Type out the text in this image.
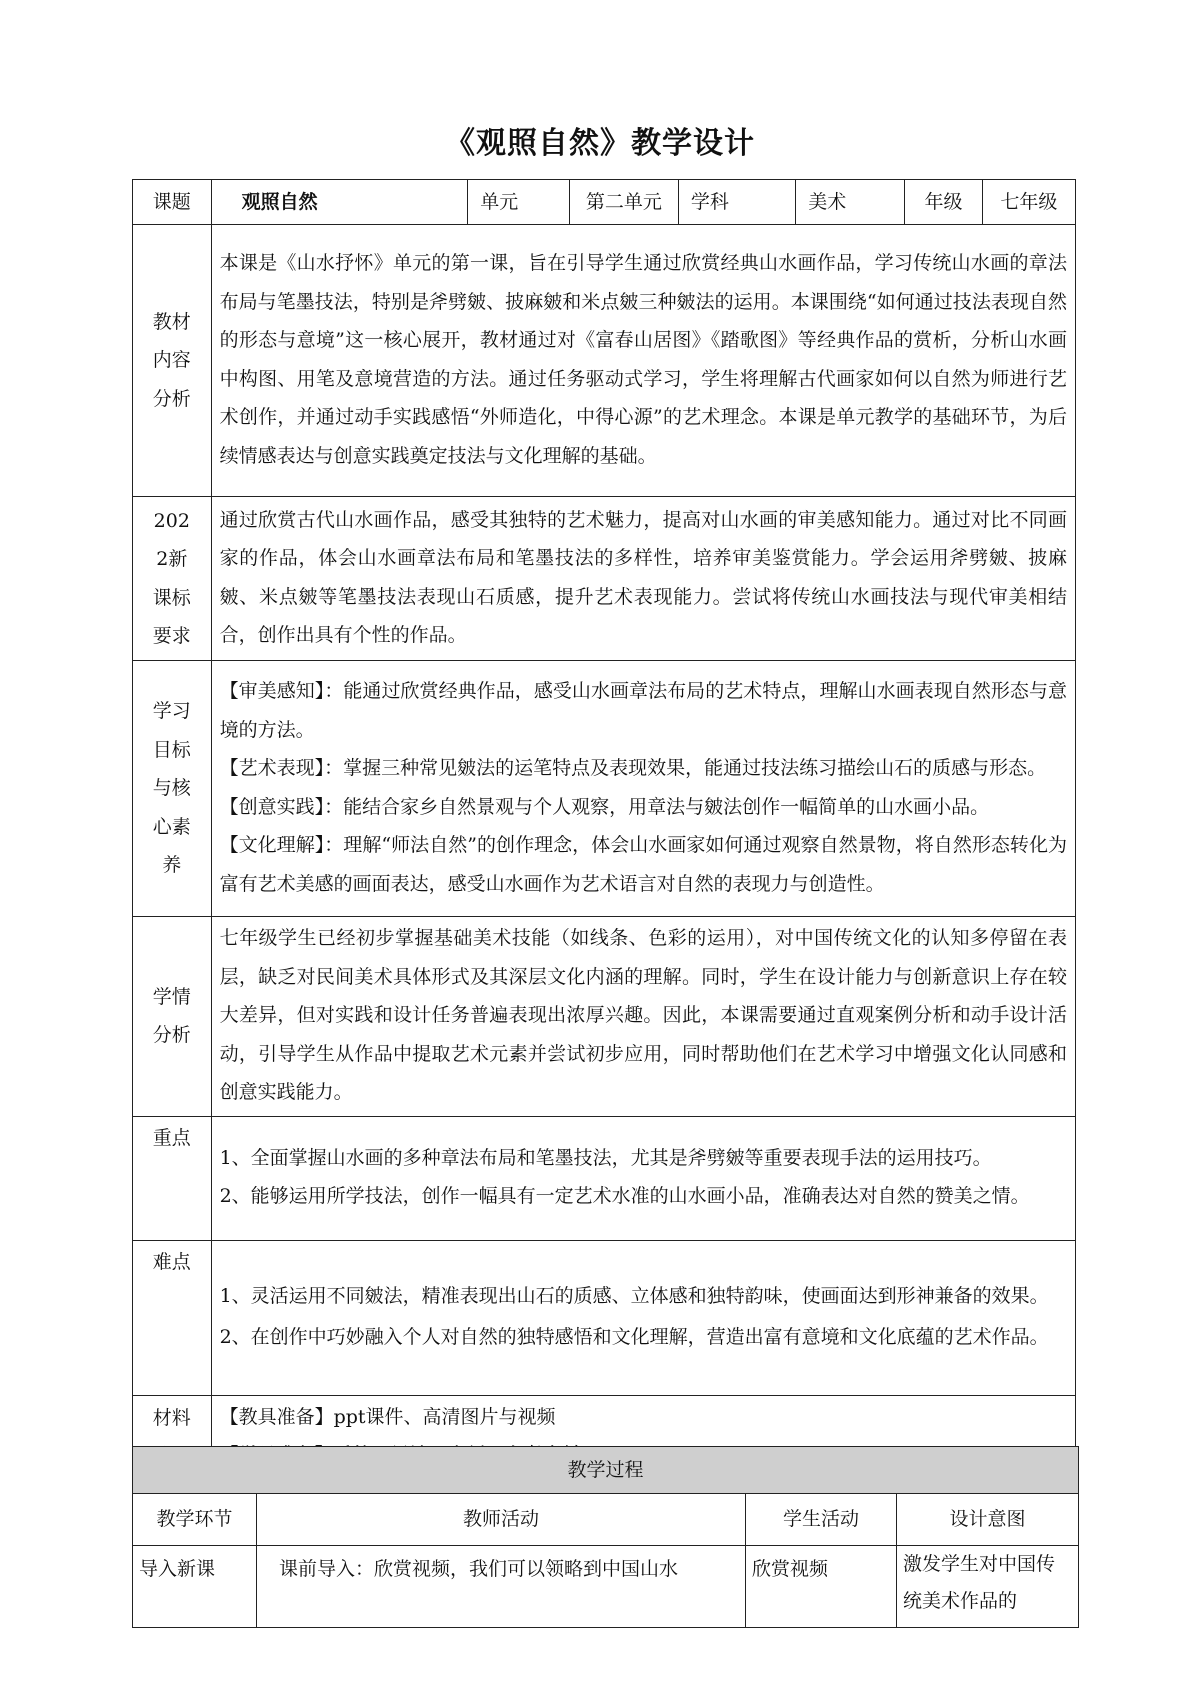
《观照自然》教学设计
课题	观照自然	单元	第二单元	学科	美术	年级	七年级

教材内容分析	本课是《山水抒怀》单元的第一课，旨在引导学生通过欣赏经典山水画作品，学习传统山水画的章法布局与笔墨技法，特别是斧劈皴、披麻皴和米点皴三种皴法的运用。本课围绕“如何通过技法表现自然的形态与意境”这一核心展开，教材通过对《富春山居图》《踏歌图》等经典作品的赏析，分析山水画中构图、用笔及意境营造的方法。通过任务驱动式学习，学生将理解古代画家如何以自然为师进行艺术创作，并通过动手实践感悟“外师造化，中得心源”的艺术理念。本课是单元教学的基础环节，为后续情感表达与创意实践奠定技法与文化理解的基础。						

2022新课标要求	通过欣赏古代山水画作品，感受其独特的艺术魅力，提高对山水画的审美感知能力。通过对比不同画家的作品，体会山水画章法布局和笔墨技法的多样性，培养审美鉴赏能力。学会运用斧劈皴、披麻皴、米点皴等笔墨技法表现山石质感，提升艺术表现能力。尝试将传统山水画技法与现代审美相结合，创作出具有个性的作品。						

学习目标与核心素养	【审美感知】：能通过欣赏经典作品，感受山水画章法布局的艺术特点，理解山水画表现自然形态与意境的方法。

【艺术表现】：掌握三种常见皴法的运笔特点及表现效果，能通过技法练习描绘山石的质感与形态。

【创意实践】：能结合家乡自然景观与个人观察，用章法与皴法创作一幅简单的山水画小品。

【文化理解】：理解“师法自然”的创作理念，体会山水画家如何通过观察自然景物，将自然形态转化为富有艺术美感的画面表达，感受山水画作为艺术语言对自然的表现力与创造性。						

学情分析	七年级学生已经初步掌握基础美术技能（如线条、色彩的运用），对中国传统文化的认知多停留在表层，缺乏对民间美术具体形式及其深层文化内涵的理解。同时，学生在设计能力与创新意识上存在较大差异，但对实践和设计任务普遍表现出浓厚兴趣。因此，本课需要通过直观案例分析和动手设计活动，引导学生从作品中提取艺术元素并尝试初步应用，同时帮助他们在艺术学习中增强文化认同感和创意实践能力。						
重点	1、全面掌握山水画的多种章法布局和笔墨技法，尤其是斧劈皴等重要表现手法的运用技巧。

2、能够运用所学技法，创作一幅具有一定艺术水准的山水画小品，准确表达对自然的赞美之情。						

难点	1、灵活运用不同皴法，精准表现出山石的质感、立体感和独特韵味，使画面达到形神兼备的效果。

2、在创作中巧妙融入个人对自然的独特感悟和文化理解，营造出富有意境和文化底蕴的艺术作品。						

材料	【教具准备】ppt课件、高清图片与视频						

教学过程			
教学环节	教师活动	学生活动	设计意图
导入新课	课前导入：欣赏视频，我们可以领略到中国山水	欣赏视频	激发学生对中国传统美术作品的
